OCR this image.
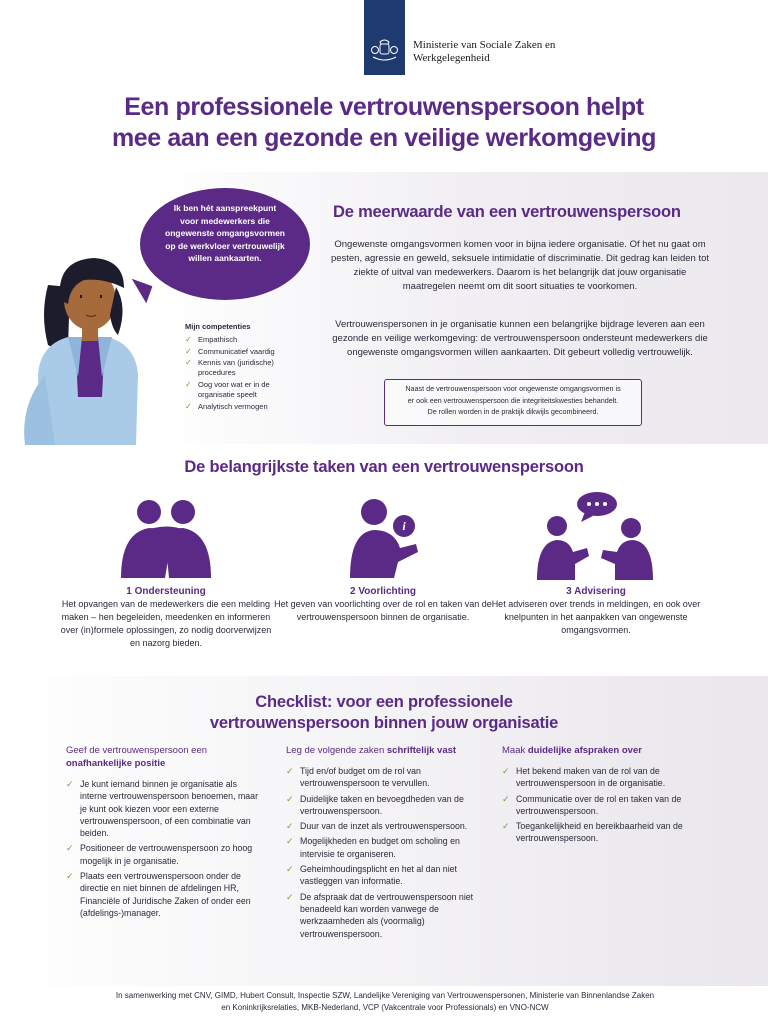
Ministerie van Sociale Zaken en
Werkgelegenheid
Een professionele vertrouwenspersoon helpt
mee aan een gezonde en veilige werkomgeving
Ik ben hét aanspreekpunt
voor medewerkers die
ongewenste omgangsvormen
op de werkvloer vertrouwelijk
willen aankaarten.
Mijn competenties
✓ Empathisch
✓ Communicatief vaardig
✓ Kennis van (juridische) procedures
✓ Oog voor wat er in de organisatie speelt
✓ Analytisch vermogen
De meerwaarde van een vertrouwenspersoon
Ongewenste omgangsvormen komen voor in bijna iedere organisatie. Of het nu gaat om pesten, agressie en geweld, seksuele intimidatie of discriminatie. Dit gedrag kan leiden tot ziekte of uitval van medewerkers. Daarom is het belangrijk dat jouw organisatie maatregelen neemt om dit soort situaties te voorkomen.
Vertrouwenspersonen in je organisatie kunnen een belangrijke bijdrage leveren aan een gezonde en veilige werkomgeving: de vertrouwenspersoon ondersteunt medewerkers die ongewenste omgangsvormen willen aankaarten. Dit gebeurt volledig vertrouwelijk.
Naast de vertrouwenspersoon voor ongewenste omgangsvormen is
er ook een vertrouwenspersoon die integriteitskwesties behandelt.
De rollen worden in de praktijk dikwijls gecombineerd.
De belangrijkste taken van een vertrouwenspersoon
1 Ondersteuning
Het opvangen van de medewerkers die een melding maken – hen begeleiden, meedenken en informeren over (in)formele oplossingen, zo nodig doorverwijzen en nazorg bieden.
i
2 Voorlichting
Het geven van voorlichting over de rol en taken van de vertrouwenspersoon binnen de organisatie.
3 Advisering
Het adviseren over trends in meldingen, en ook over knelpunten in het aanpakken van ongewenste omgangsvormen.
Checklist: voor een professionele
vertrouwenspersoon binnen jouw organisatie
Geef de vertrouwenspersoon een
onafhankelijke positie
✓ Je kunt iemand binnen je organisatie als interne vertrouwenspersoon benoemen, maar je kunt ook kiezen voor een externe vertrouwenspersoon, of een combinatie van beiden.
✓ Positioneer de vertrouwenspersoon zo hoog mogelijk in je organisatie.
✓ Plaats een vertrouwenspersoon onder de directie en niet binnen de afdelingen HR, Financiële of Juridische Zaken of onder een (afdelings-)manager.
Leg de volgende zaken schriftelijk vast
✓ Tijd en/of budget om de rol van vertrouwenspersoon te vervullen.
✓ Duidelijke taken en bevoegdheden van de vertrouwenspersoon.
✓ Duur van de inzet als vertrouwenspersoon.
✓ Mogelijkheden en budget om scholing en intervisie te organiseren.
✓ Geheimhoudingsplicht en het al dan niet vastleggen van informatie.
✓ De afspraak dat de vertrouwenspersoon niet benadeeld kan worden vanwege de werkzaamheden als (voormalig) vertrouwenspersoon.
Maak duidelijke afspraken over
✓ Het bekend maken van de rol van de vertrouwenspersoon in de organisatie.
✓ Communicatie over de rol en taken van de vertrouwenspersoon.
✓ Toegankelijkheid en bereikbaarheid van de vertrouwenspersoon.
In samenwerking met CNV, GIMD, Hubert Consult, Inspectie SZW, Landelijke Vereniging van Vertrouwenspersonen, Ministerie van Binnenlandse Zaken
en Koninkrijksrelaties, MKB-Nederland, VCP (Vakcentrale voor Professionals) en VNO-NCW
